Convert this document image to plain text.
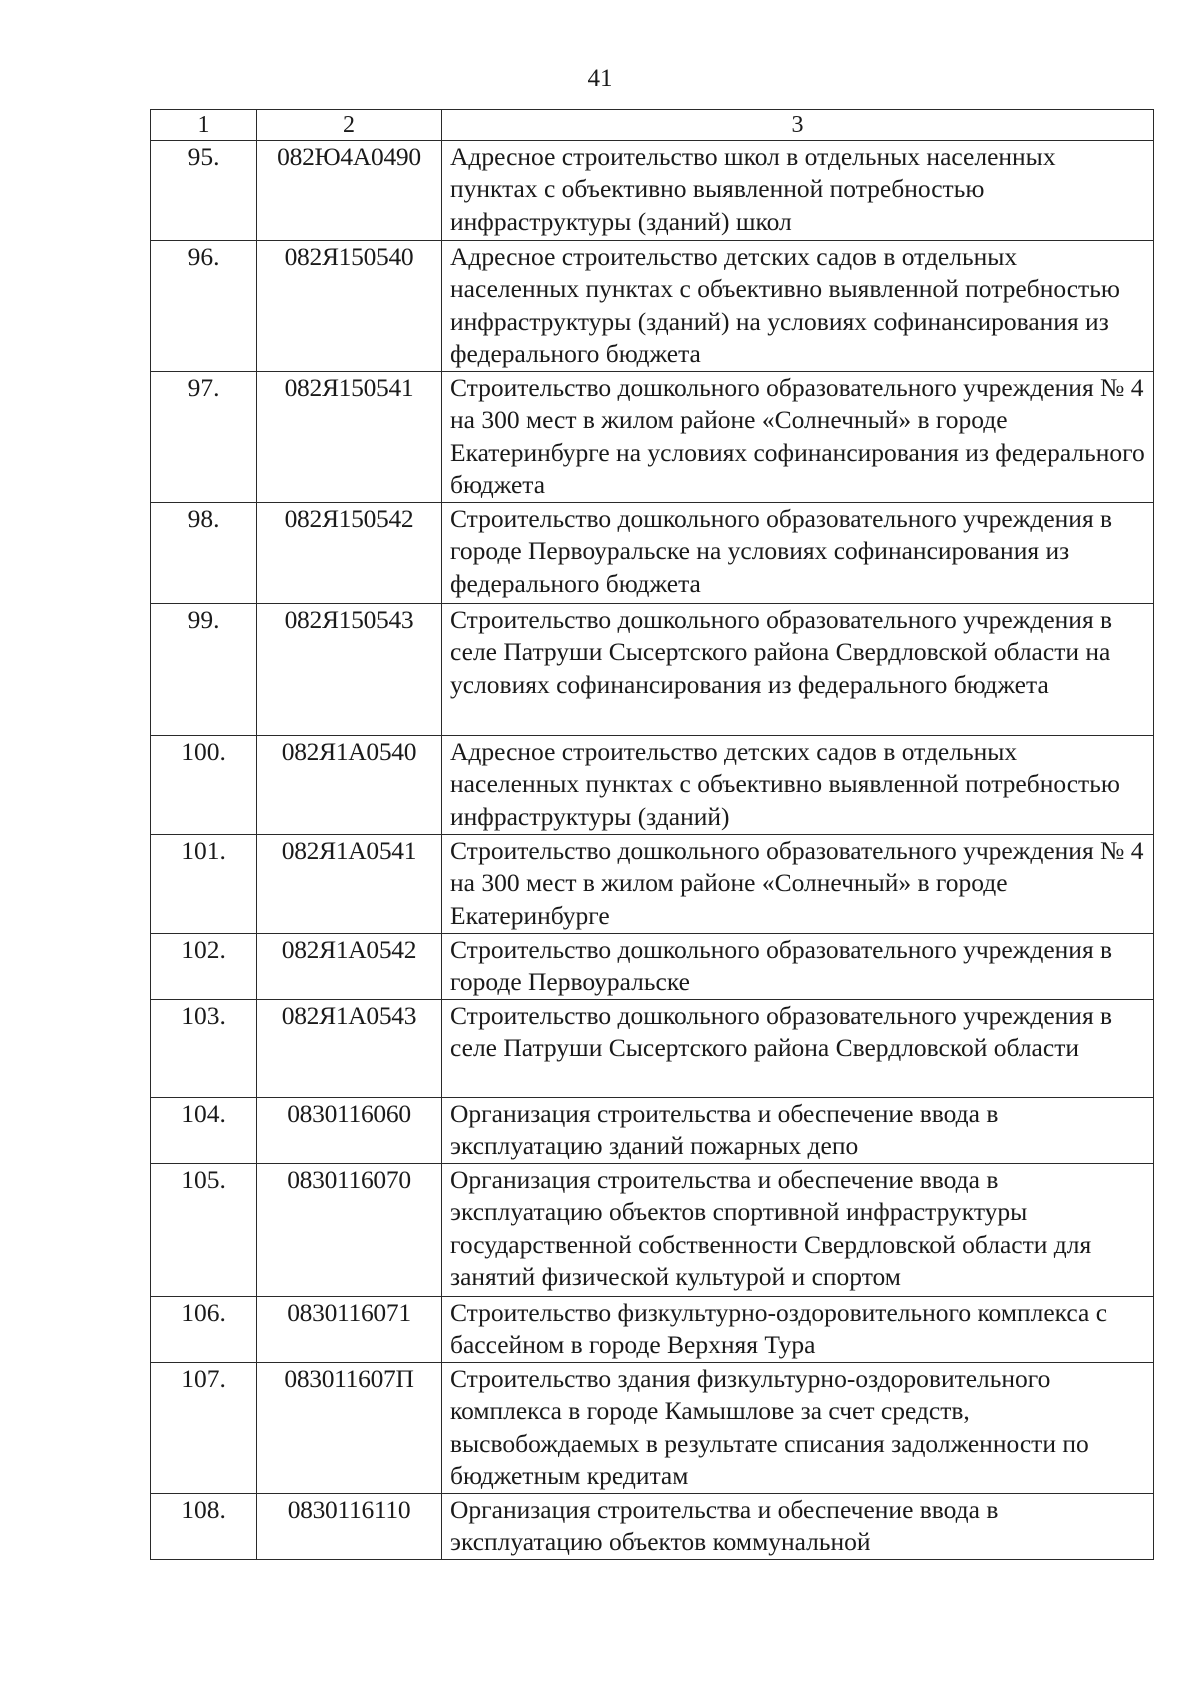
41
1	2	3
95.	082Ю4А0490	Адресное строительство школ в отдельных населенных пунктах с объективно выявленной потребностью инфраструктуры (зданий) школ
96.	082Я150540	Адресное строительство детских садов в отдельных населенных пунктах с объективно выявленной потребностью инфраструктуры (зданий) на условиях софинансирования из федерального бюджета
97.	082Я150541	Строительство дошкольного образовательного учреждения № 4 на 300 мест в жилом районе «Солнечный» в городе Екатеринбурге на условиях софинансирования из федерального бюджета
98.	082Я150542	Строительство дошкольного образовательного учреждения в городе Первоуральске на условиях софинансирования из федерального бюджета
99.	082Я150543	Строительство дошкольного образовательного учреждения в селе Патруши Сысертского района Свердловской области на условиях софинансирования из федерального бюджета
100.	082Я1А0540	Адресное строительство детских садов в отдельных населенных пунктах с объективно выявленной потребностью инфраструктуры (зданий)
101.	082Я1А0541	Строительство дошкольного образовательного учреждения № 4 на 300 мест в жилом районе «Солнечный» в городе Екатеринбурге
102.	082Я1А0542	Строительство дошкольного образовательного учреждения в городе Первоуральске
103.	082Я1А0543	Строительство дошкольного образовательного учреждения в селе Патруши Сысертского района Свердловской области
104.	0830116060	Организация строительства и обеспечение ввода в эксплуатацию зданий пожарных депо
105.	0830116070	Организация строительства и обеспечение ввода в эксплуатацию объектов спортивной инфраструктуры государственной собственности Свердловской области для занятий физической культурой и спортом
106.	0830116071	Строительство физкультурно-оздоровительного комплекса с бассейном в городе Верхняя Тура
107.	083011607П	Строительство здания физкультурно-оздоровительного комплекса в городе Камышлове за счет средств, высвобождаемых в результате списания задолженности по бюджетным кредитам
108.	0830116110	Организация строительства и обеспечение ввода в эксплуатацию объектов коммунальной
